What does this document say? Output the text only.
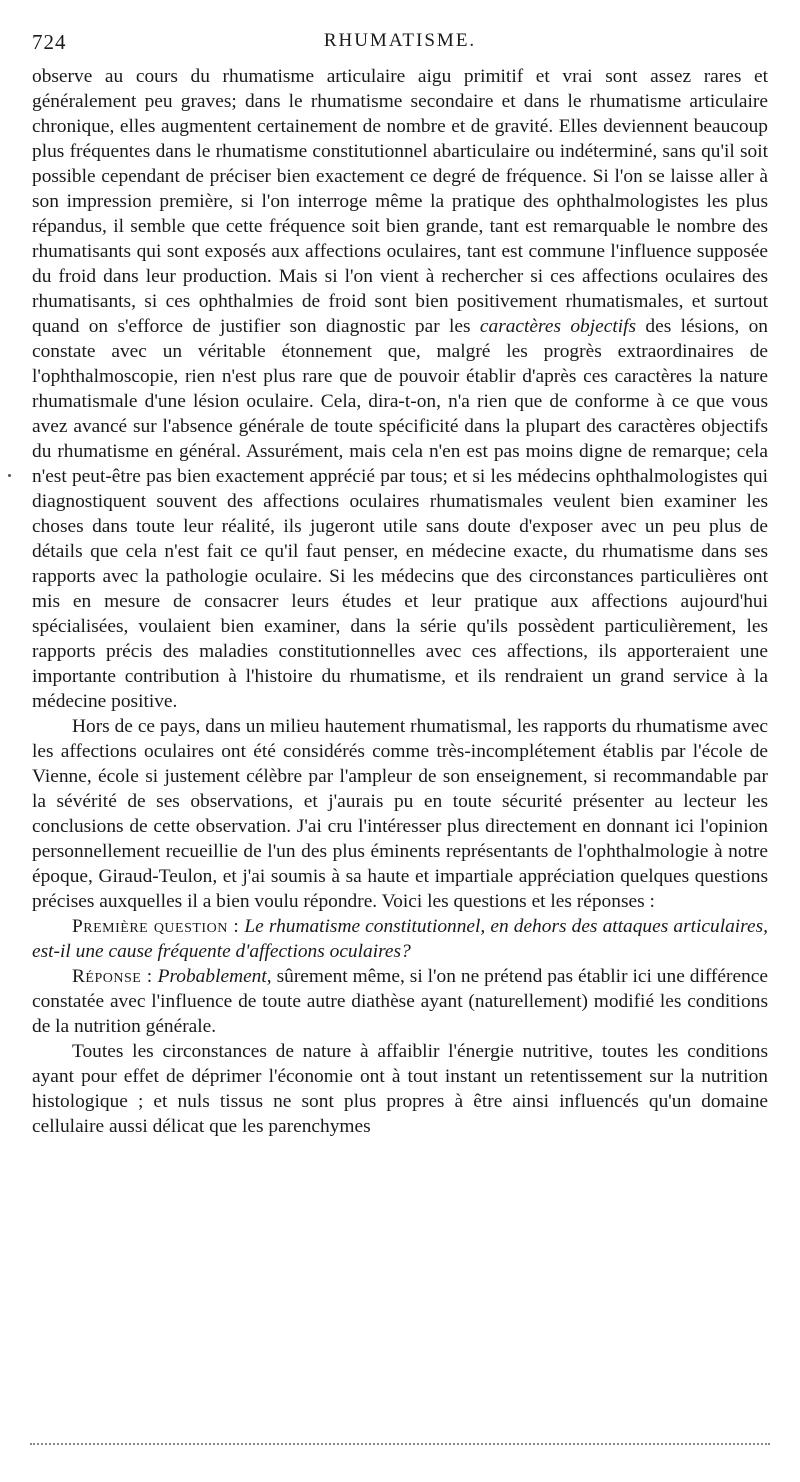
724	RHUMATISME.

observe au cours du rhumatisme articulaire aigu primitif et vrai sont assez rares et généralement peu graves; dans le rhumatisme secondaire et dans le rhumatisme articulaire chronique, elles augmentent certainement de nombre et de gravité. Elles deviennent beaucoup plus fréquentes dans le rhumatisme constitutionnel abarticulaire ou indéterminé, sans qu'il soit possible cependant de préciser bien exactement ce degré de fréquence. Si l'on se laisse aller à son impression première, si l'on interroge même la pratique des ophthalmologistes les plus répandus, il semble que cette fréquence soit bien grande, tant est remarquable le nombre des rhumatisants qui sont exposés aux affections oculaires, tant est commune l'influence supposée du froid dans leur production. Mais si l'on vient à rechercher si ces affections oculaires des rhumatisants, si ces ophthalmies de froid sont bien positivement rhumatismales, et surtout quand on s'efforce de justifier son diagnostic par les caractères objectifs des lésions, on constate avec un véritable étonnement que, malgré les progrès extraordinaires de l'ophthalmoscopie, rien n'est plus rare que de pouvoir établir d'après ces caractères la nature rhumatismale d'une lésion oculaire. Cela, dira-t-on, n'a rien que de conforme à ce que vous avez avancé sur l'absence générale de toute spécificité dans la plupart des caractères objectifs du rhumatisme en général. Assurément, mais cela n'en est pas moins digne de remarque; cela n'est peut-être pas bien exactement apprécié par tous; et si les médecins ophthalmologistes qui diagnostiquent souvent des affections oculaires rhumatismales veulent bien examiner les choses dans toute leur réalité, ils jugeront utile sans doute d'exposer avec un peu plus de détails que cela n'est fait ce qu'il faut penser, en médecine exacte, du rhumatisme dans ses rapports avec la pathologie oculaire. Si les médecins que des circonstances particulières ont mis en mesure de consacrer leurs études et leur pratique aux affections aujourd'hui spécialisées, voulaient bien examiner, dans la série qu'ils possèdent particulièrement, les rapports précis des maladies constitutionnelles avec ces affections, ils apporteraient une importante contribution à l'histoire du rhumatisme, et ils rendraient un grand service à la médecine positive.

Hors de ce pays, dans un milieu hautement rhumatismal, les rapports du rhumatisme avec les affections oculaires ont été considérés comme très-incomplétement établis par l'école de Vienne, école si justement célèbre par l'ampleur de son enseignement, si recommandable par la sévérité de ses observations, et j'aurais pu en toute sécurité présenter au lecteur les conclusions de cette observation. J'ai cru l'intéresser plus directement en donnant ici l'opinion personnellement recueillie de l'un des plus éminents représentants de l'ophthalmologie à notre époque, Giraud-Teulon, et j'ai soumis à sa haute et impartiale appréciation quelques questions précises auxquelles il a bien voulu répondre. Voici les questions et les réponses :

Première question : Le rhumatisme constitutionnel, en dehors des attaques articulaires, est-il une cause fréquente d'affections oculaires?

Réponse : Probablement, sûrement même, si l'on ne prétend pas établir ici une différence constatée avec l'influence de toute autre diathèse ayant (naturellement) modifié les conditions de la nutrition générale.

Toutes les circonstances de nature à affaiblir l'énergie nutritive, toutes les conditions ayant pour effet de déprimer l'économie ont à tout instant un retentissement sur la nutrition histologique ; et nuls tissus ne sont plus propres à être ainsi influencés qu'un domaine cellulaire aussi délicat que les parenchymes
